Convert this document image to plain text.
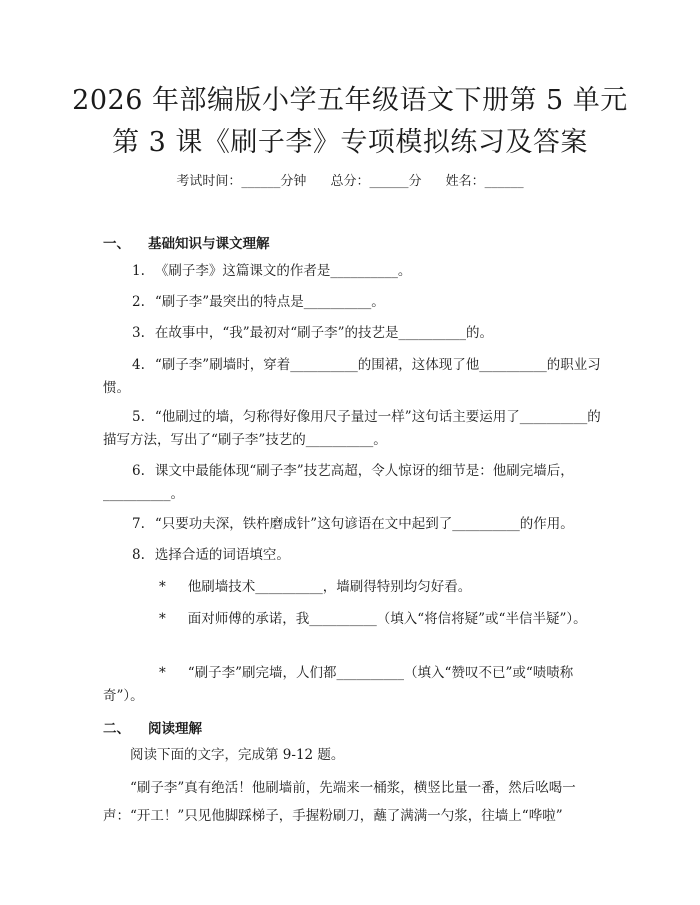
2026 年部编版小学五年级语文下册第 5 单元
第 3 课《刷子李》专项模拟练习及答案
考试时间：______分钟 总分：______分 姓名：______
一、 基础知识与课文理解
1. 《刷子李》这篇课文的作者是__________。
2. “刷子李”最突出的特点是__________。
3. 在故事中，“我”最初对“刷子李”的技艺是__________的。
4. “刷子李”刷墙时，穿着__________的围裙，这体现了他__________的职业习惯。
5. “他刷过的墙，匀称得好像用尺子量过一样”这句话主要运用了__________的描写方法，写出了“刷子李”技艺的__________。
6. 课文中最能体现“刷子李”技艺高超，令人惊讶的细节是：他刷完墙后，__________。
7. “只要功夫深，铁杵磨成针”这句谚语在文中起到了__________的作用。
8. 选择合适的词语填空。
* 他刷墙技术__________，墙刷得特别均匀好看。
* 面对师傅的承诺，我__________（填入“将信将疑”或“半信半疑”）。
* “刷子李”刷完墙，人们都__________（填入“赞叹不已”或“啧啧称奇”）。
二、 阅读理解
阅读下面的文字，完成第 9-12 题。
“刷子李”真有绝活！他刷墙前，先端来一桶浆，横竖比量一番，然后吆喝一声：“开工！”只见他脚踩梯子，手握粉刷刀，蘸了满满一勺浆，往墙上“哗啦”
